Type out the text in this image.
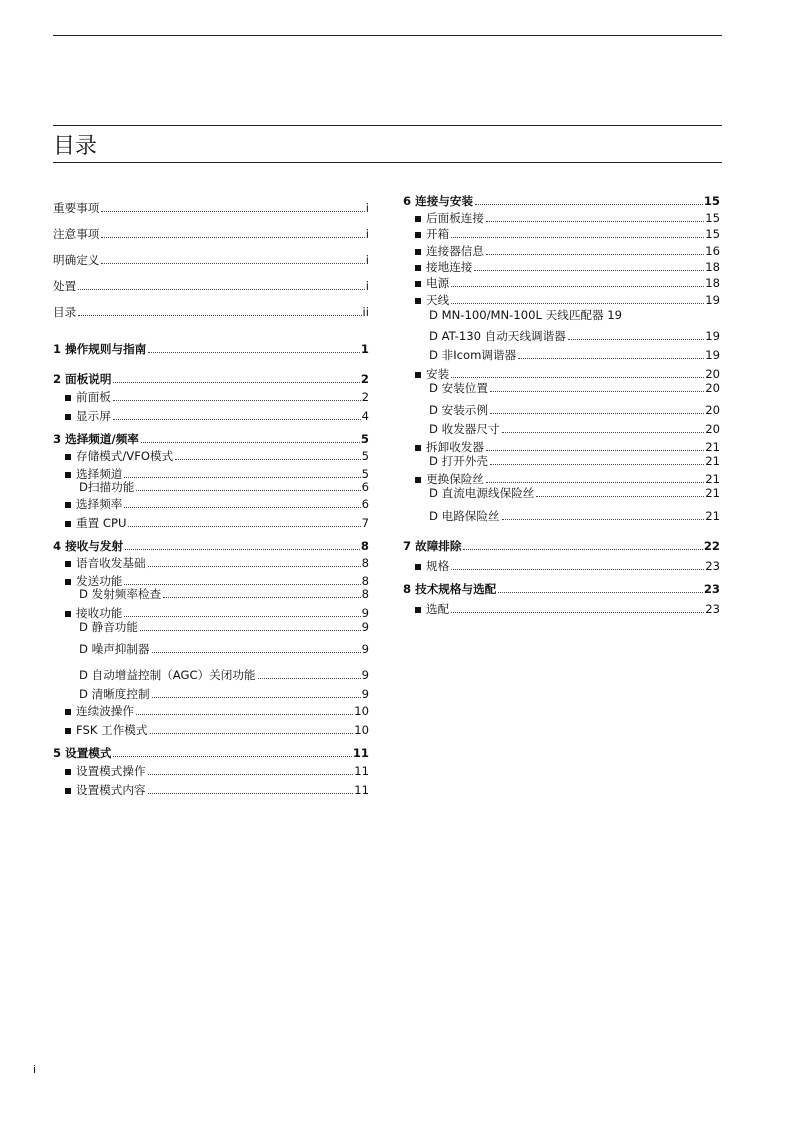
目录
重要事项	i
注意事项	i
明确定义	i
处置	i
目录	ii
1 操作规则与指南	1
2 面板说明	2
前面板	2
显示屏	4
3 选择频道/频率	5
存储模式/VFO模式	5
选择频道	5
D扫描功能	6
选择频率	6
重置 CPU	7
4 接收与发射	8
语音收发基础	8
发送功能	8
D 发射频率检查	8
接收功能	9
D 静音功能	9
D 噪声抑制器	9
D 自动增益控制（AGC）关闭功能	9
D 清晰度控制	9
连续波操作	10
FSK 工作模式	10
5 设置模式	11
设置模式操作	11
设置模式内容	11
6 连接与安装	15
后面板连接	15
开箱	15
连接器信息	16
接地连接	18
电源	18
天线	19
D MN-100/MN-100L 天线匹配器 19
D AT-130 自动天线调谐器	19
D 非Icom调谐器	19
安装	20
D 安装位置	20
D 安装示例	20
D 收发器尺寸	20
拆卸收发器	21
D 打开外壳	21
更换保险丝	21
D 直流电源线保险丝	21
D 电路保险丝	21
7 故障排除	22
规格	23
8 技术规格与选配	23
选配	23
i
